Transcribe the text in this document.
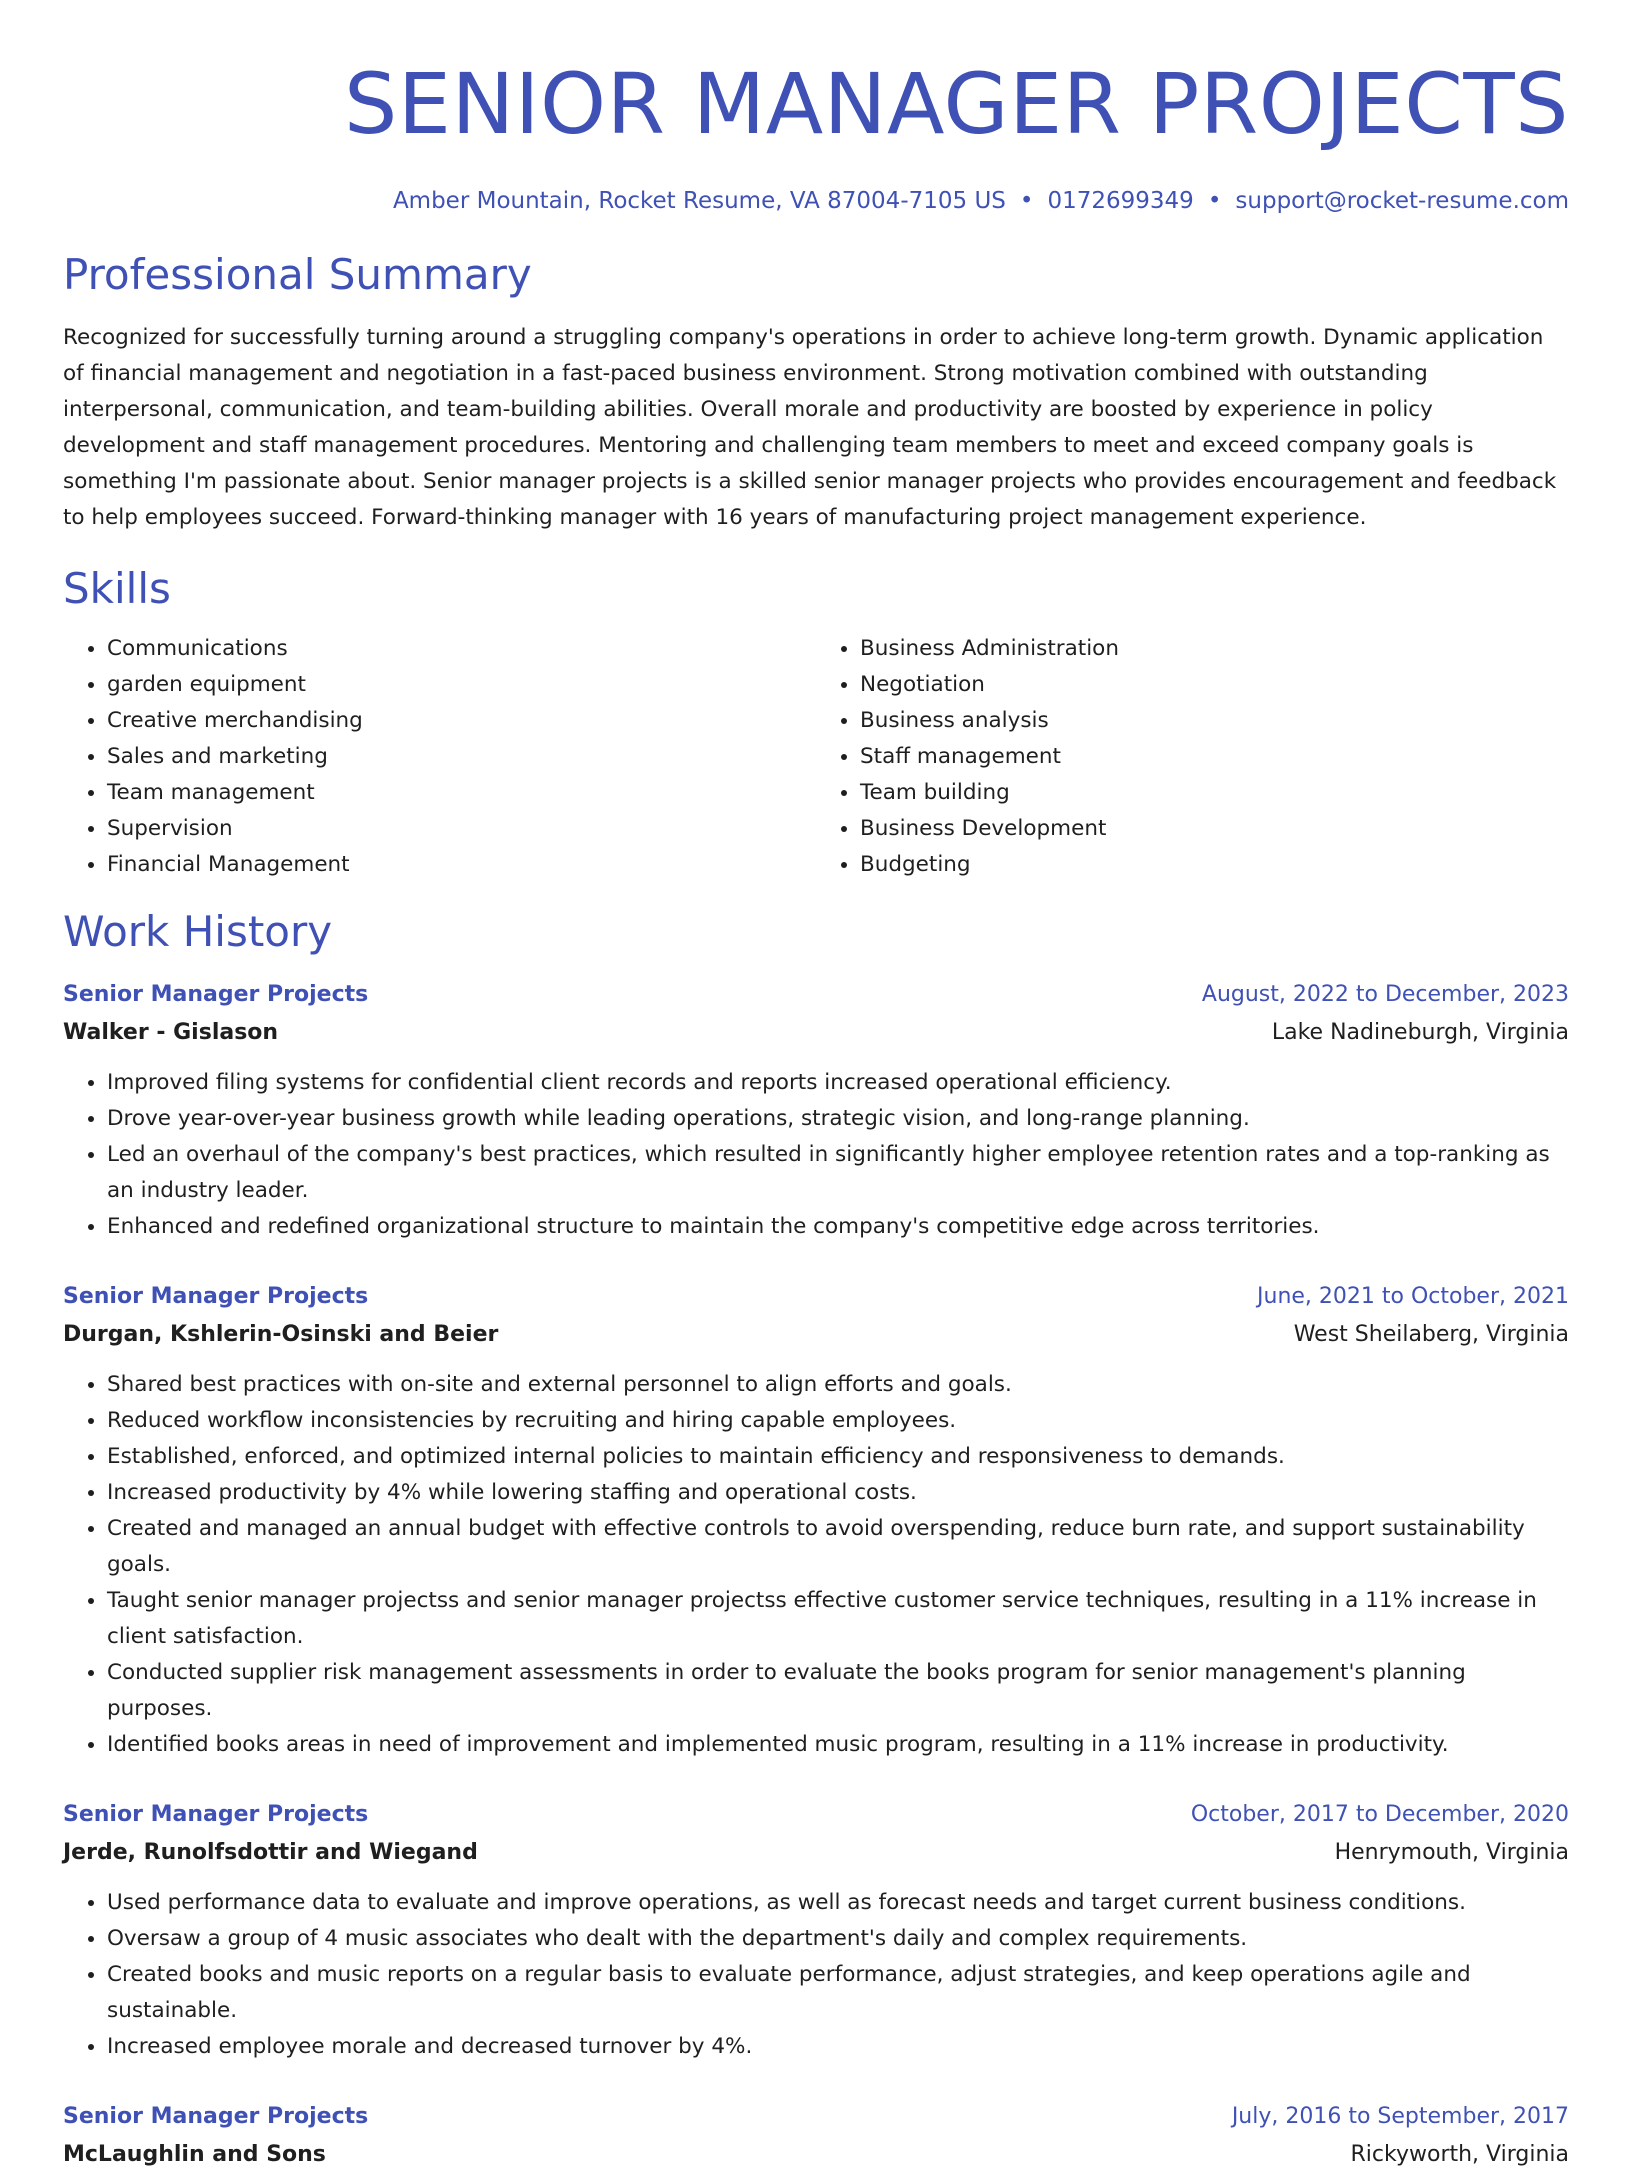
SENIOR MANAGER PROJECTS
Amber Mountain, Rocket Resume, VA 87004-7105 US • 0172699349 • support@rocket-resume.com
Professional Summary
Recognized for successfully turning around a struggling company's operations in order to achieve long-term growth. Dynamic application of financial management and negotiation in a fast-paced business environment. Strong motivation combined with outstanding interpersonal, communication, and team-building abilities. Overall morale and productivity are boosted by experience in policy development and staff management procedures. Mentoring and challenging team members to meet and exceed company goals is something I'm passionate about. Senior manager projects is a skilled senior manager projects who provides encouragement and feedback to help employees succeed. Forward-thinking manager with 16 years of manufacturing project management experience.
Skills
• Communications
• garden equipment
• Creative merchandising
• Sales and marketing
• Team management
• Supervision
• Financial Management
• Business Administration
• Negotiation
• Business analysis
• Staff management
• Team building
• Business Development
• Budgeting
Work History
Senior Manager Projects	August, 2022 to December, 2023
Walker - Gislason	Lake Nadineburgh, Virginia
• Improved filing systems for confidential client records and reports increased operational efficiency.
• Drove year-over-year business growth while leading operations, strategic vision, and long-range planning.
• Led an overhaul of the company's best practices, which resulted in significantly higher employee retention rates and a top-ranking as an industry leader.
• Enhanced and redefined organizational structure to maintain the company's competitive edge across territories.
Senior Manager Projects	June, 2021 to October, 2021
Durgan, Kshlerin-Osinski and Beier	West Sheilaberg, Virginia
• Shared best practices with on-site and external personnel to align efforts and goals.
• Reduced workflow inconsistencies by recruiting and hiring capable employees.
• Established, enforced, and optimized internal policies to maintain efficiency and responsiveness to demands.
• Increased productivity by 4% while lowering staffing and operational costs.
• Created and managed an annual budget with effective controls to avoid overspending, reduce burn rate, and support sustainability goals.
• Taught senior manager projectss and senior manager projectss effective customer service techniques, resulting in a 11% increase in client satisfaction.
• Conducted supplier risk management assessments in order to evaluate the books program for senior management's planning purposes.
• Identified books areas in need of improvement and implemented music program, resulting in a 11% increase in productivity.
Senior Manager Projects	October, 2017 to December, 2020
Jerde, Runolfsdottir and Wiegand	Henrymouth, Virginia
• Used performance data to evaluate and improve operations, as well as forecast needs and target current business conditions.
• Oversaw a group of 4 music associates who dealt with the department's daily and complex requirements.
• Created books and music reports on a regular basis to evaluate performance, adjust strategies, and keep operations agile and sustainable.
• Increased employee morale and decreased turnover by 4%.
Senior Manager Projects	July, 2016 to September, 2017
McLaughlin and Sons	Rickyworth, Virginia
